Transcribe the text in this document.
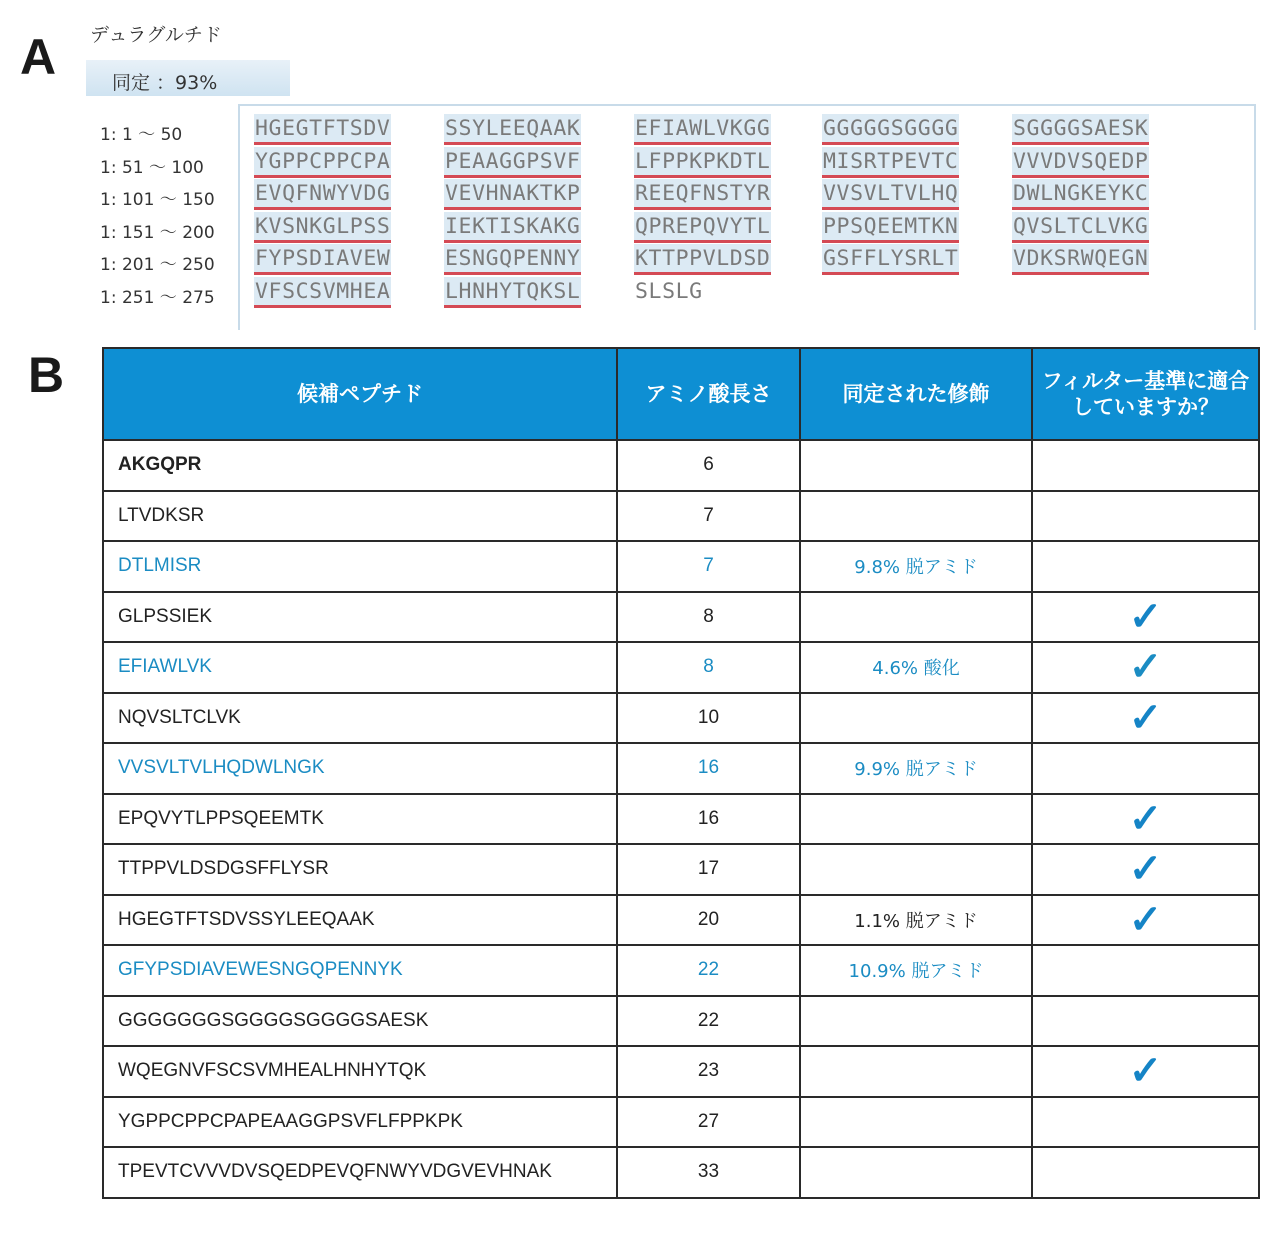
A デュラグルチド
同定 ：93%
1: 1 ～ 50
1: 51 ～ 100
1: 101 ～ 150
1: 151 ～ 200
1: 201 ～ 250
1: 251 ～ 275
HGEGTFTSDV	SSYLEEQAAK	EFIAWLVKGG GGGGGSGGGG	SGGGGSAESK
YGPPCPPCPA	PEAAGGPSVF	LFPPKPKDTL MISRTPEVTC	VVVDVSQEDP
EVQFNWYVDG	VEVHNAKTKP	REEQFNSTYR VVSVLTVLHQ	DWLNGKEYKC
KVSNKGLPSS	IEKTISKAKG	QPREPQVYTL PPSQEEMTKN	QVSLTCLVKG
FYPSDIAVEW	ESNGQPENNY	KTTPPVLDSD GSFFLYSRLT	VDKSRWQEGN
VFSCSVMHEA	LHNHYTQKSL	SLSLG
B	候補ペプチド	アミノ酸長さ	同定された修飾	フィルター基準に適合
していますか？
AKGQPR	6		
LTVDKSR	7		
DTLMISR	7	9.8% 脱アミド	
GLPSSIEK	8		✓
EFIAWLVK	8	4.6% 酸化	✓
NQVSLTCLVK	10		✓
VVSVLTVLHQDWLNGK	16	9.9% 脱アミド	
EPQVYTLPPSQEEMTK	16		✓
TTPPVLDSDGSFFLYSR	17		✓
HGEGTFTSDVSSYLEEQAAK	20	1.1% 脱アミド	✓
GFYPSDIAVEWESNGQPENNYK	22	10.9% 脱アミド	
GGGGGGGSGGGGSGGGGSAESK	22		
WQEGNVFSCSVMHEALHNHYTQK	23		✓
YGPPCPPCPAPEAAGGPSVFLFPPKPK	27		
TPEVTCVVVDVSQEDPEVQFNWYVDGVEVHNAK	33		
